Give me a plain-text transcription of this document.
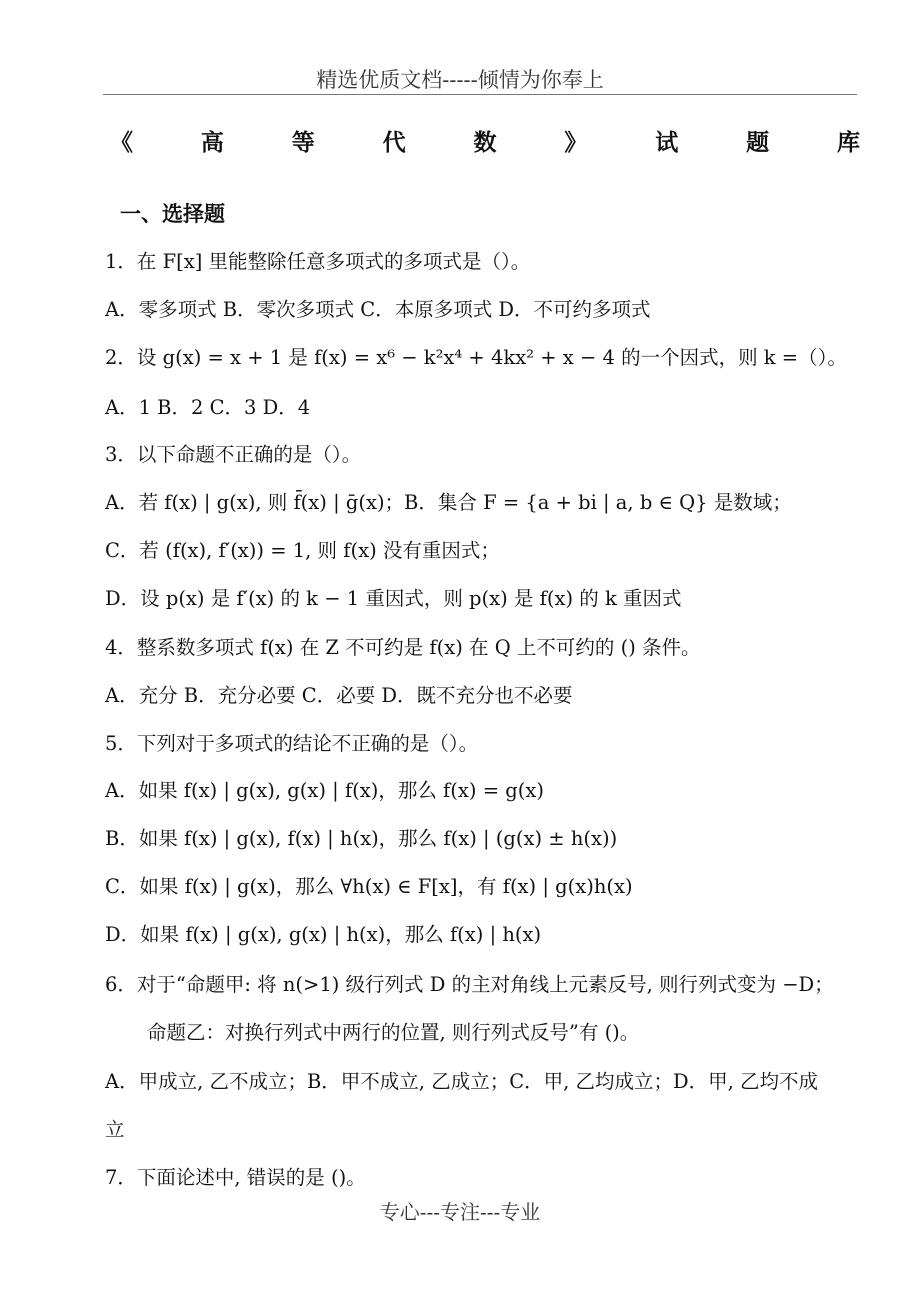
精选优质文档-----倾情为你奉上
《	高	等	代	数	》	试	题	库
一、选择题
1．在 F[x] 里能整除任意多项式的多项式是（）。
A．零多项式 B．零次多项式 C．本原多项式 D．不可约多项式
2．设 g(x) = x + 1 是 f(x) = x⁶ − k²x⁴ + 4kx² + x − 4 的一个因式，则 k =（）。
A．1 B．2 C．3 D．4
3．以下命题不正确的是（）。
A．若 f(x) | g(x), 则 f̄(x) | ḡ(x)；B．集合 F = {a + bi | a, b ∈ Q} 是数域；
C．若 (f(x), f′(x)) = 1, 则 f(x) 没有重因式；
D．设 p(x) 是 f′(x) 的 k − 1 重因式，则 p(x) 是 f(x) 的 k 重因式
4．整系数多项式 f(x) 在 Z 不可约是 f(x) 在 Q 上不可约的 () 条件。
A．充分 B．充分必要 C．必要 D．既不充分也不必要
5．下列对于多项式的结论不正确的是（）。
A．如果 f(x) | g(x), g(x) | f(x)，那么 f(x) = g(x)
B．如果 f(x) | g(x), f(x) | h(x)，那么 f(x) | (g(x) ± h(x))
C．如果 f(x) | g(x)，那么 ∀h(x) ∈ F[x]，有 f(x) | g(x)h(x)
D．如果 f(x) | g(x), g(x) | h(x)，那么 f(x) | h(x)
6．对于“命题甲: 将 n(>1) 级行列式 D 的主对角线上元素反号, 则行列式变为 −D；
命题乙：对换行列式中两行的位置, 则行列式反号”有 ()。
A．甲成立, 乙不成立；B．甲不成立, 乙成立；C．甲, 乙均成立；D．甲, 乙均不成
立
7．下面论述中, 错误的是 ()。
专心---专注---专业
